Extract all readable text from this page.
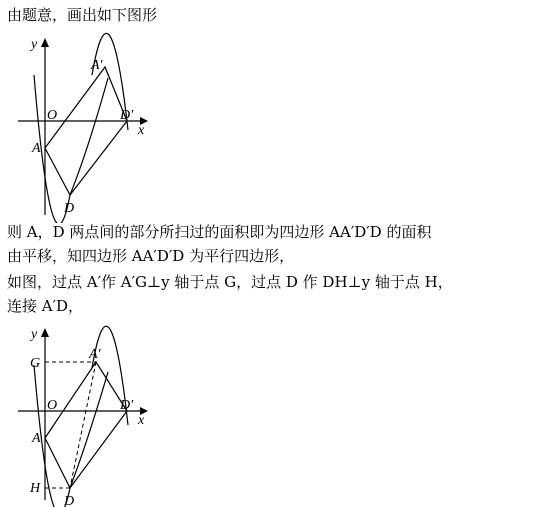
由题意，画出如下图形
y
O
x
A
A′
D
D′
则 A，D 两点间的部分所扫过的面积即为四边形 AA′D′D 的面积
由平移，知四边形 AA′D′D 为平行四边形，
如图，过点 A′作 A′G⊥y 轴于点 G，过点 D 作 DH⊥y 轴于点 H，
连接 A′D，
y
G
A′
O	D′
x
A
H
D
